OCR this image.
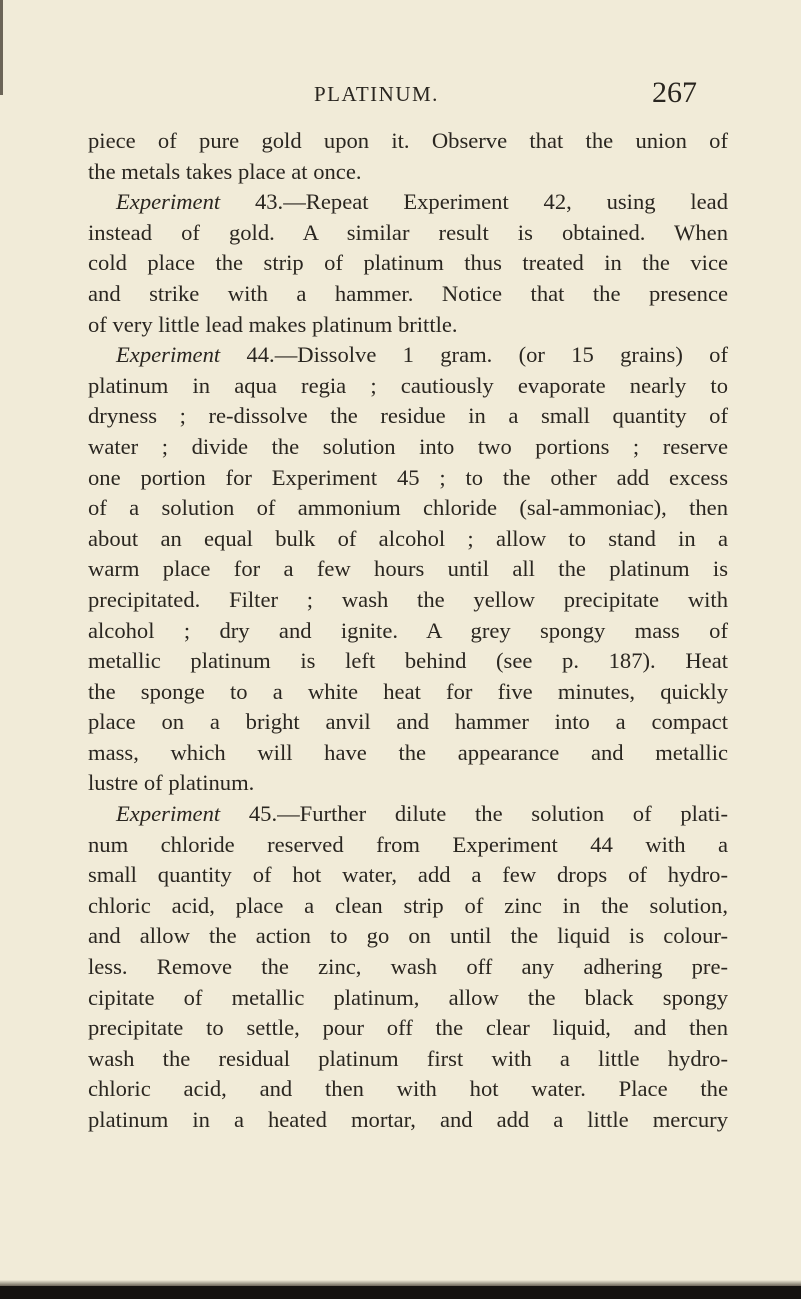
PLATINUM.	267
piece of pure gold upon it. Observe that the union of
the metals takes place at once.
Experiment 43.—Repeat Experiment 42, using lead
instead of gold. A similar result is obtained. When
cold place the strip of platinum thus treated in the vice
and strike with a hammer. Notice that the presence
of very little lead makes platinum brittle.
Experiment 44.—Dissolve 1 gram. (or 15 grains) of
platinum in aqua regia ; cautiously evaporate nearly to
dryness ; re-dissolve the residue in a small quantity of
water ; divide the solution into two portions ; reserve
one portion for Experiment 45 ; to the other add excess
of a solution of ammonium chloride (sal-ammoniac), then
about an equal bulk of alcohol ; allow to stand in a
warm place for a few hours until all the platinum is
precipitated. Filter ; wash the yellow precipitate with
alcohol ; dry and ignite. A grey spongy mass of
metallic platinum is left behind (see p. 187). Heat
the sponge to a white heat for five minutes, quickly
place on a bright anvil and hammer into a compact
mass, which will have the appearance and metallic
lustre of platinum.
Experiment 45.—Further dilute the solution of plati-
num chloride reserved from Experiment 44 with a
small quantity of hot water, add a few drops of hydro-
chloric acid, place a clean strip of zinc in the solution,
and allow the action to go on until the liquid is colour-
less. Remove the zinc, wash off any adhering pre-
cipitate of metallic platinum, allow the black spongy
precipitate to settle, pour off the clear liquid, and then
wash the residual platinum first with a little hydro-
chloric acid, and then with hot water. Place the
platinum in a heated mortar, and add a little mercury
